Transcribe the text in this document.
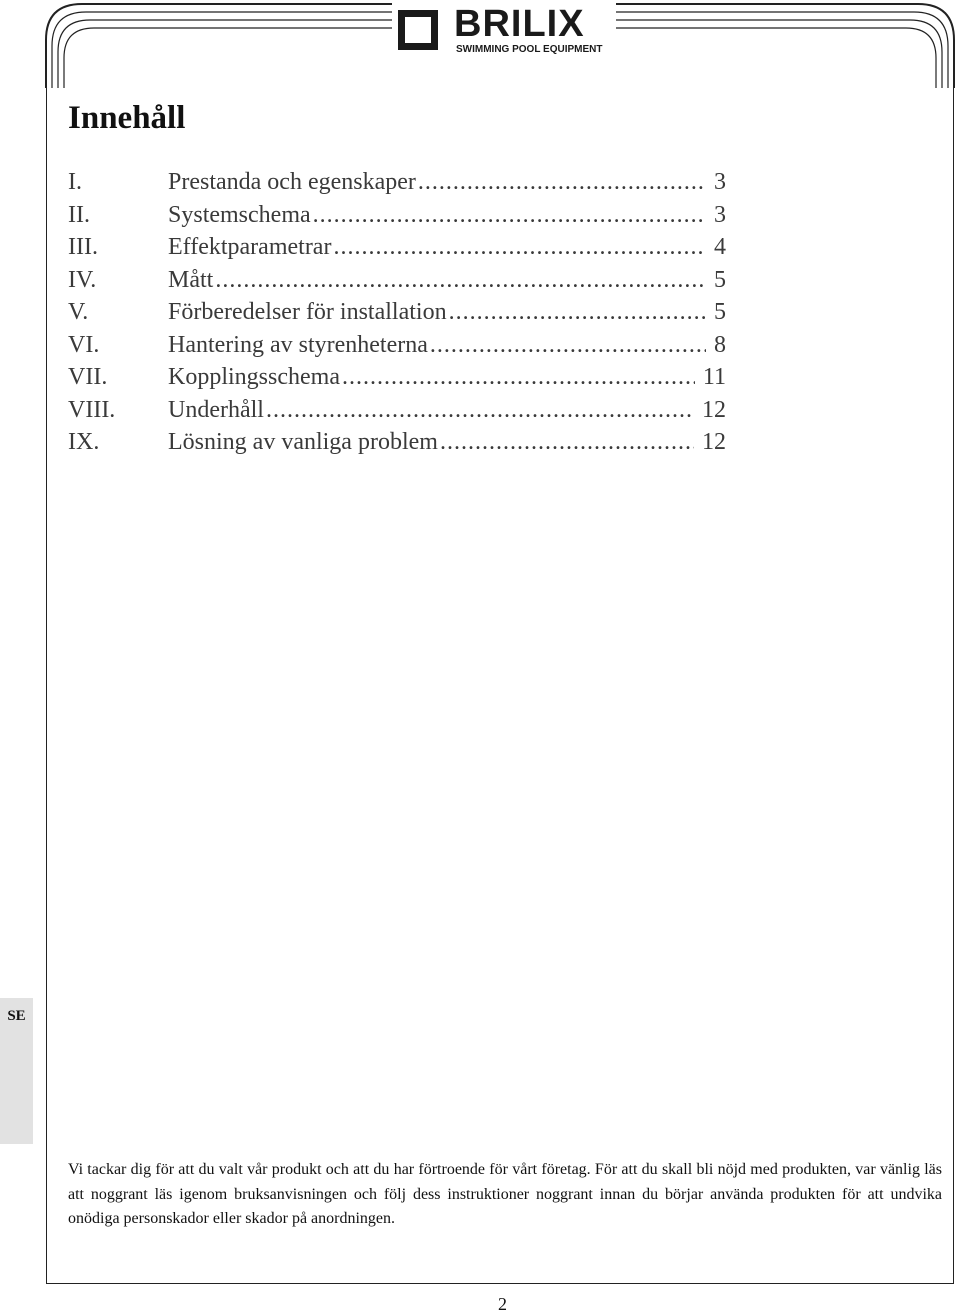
BRILIX
SWIMMING POOL EQUIPMENT
Innehåll
I.	Prestanda och egenskaper .....	3
II.	Systemschema .....	3
III.	Effektparametrar .....	4
IV.	Mått .....	5
V.	Förberedelser för installation .....	5
VI.	Hantering av styrenheterna .....	8
VII.	Kopplingsschema .....	11
VIII. Underhåll .....	12
IX.	Lösning av vanliga problem .....	12
SE

Vi tackar dig för att du valt vår produkt och att du har förtroende för vårt företag. För att du skall bli nöjd med produkten, var vänlig läs att noggrant läs igenom bruksanvisningen och följ dess instruktioner noggrant innan du börjar använda produkten för att undvika onödiga personskador eller skador på anordningen.

2
